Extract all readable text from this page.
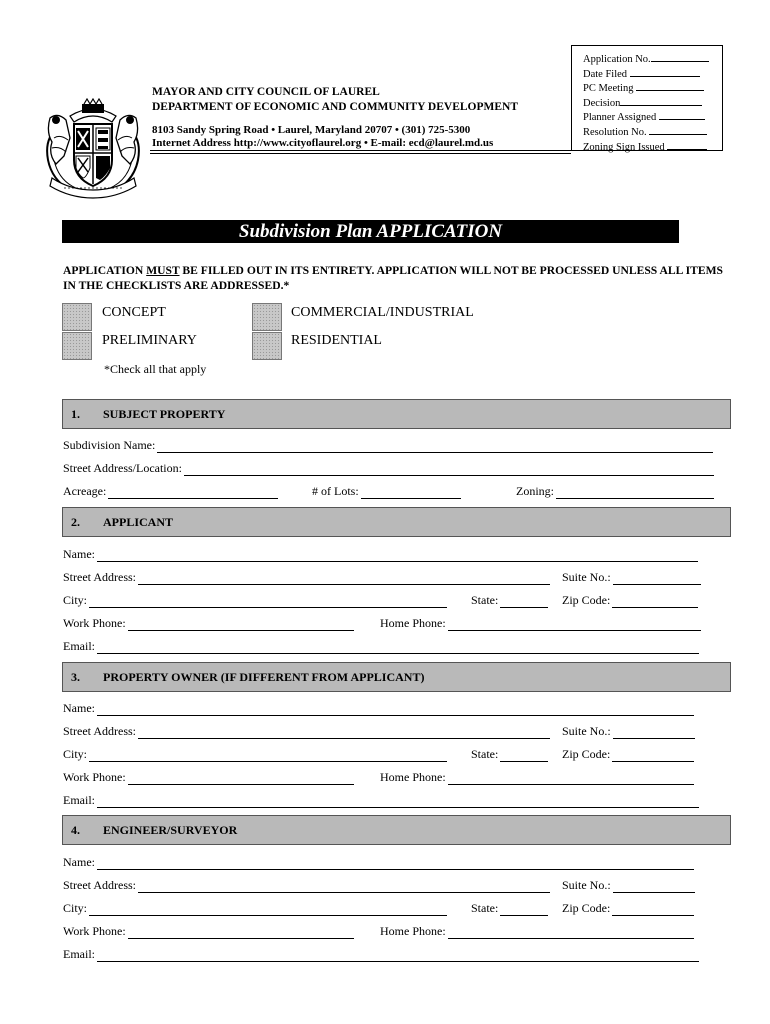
Application No.
Date Filed
PC Meeting
Decision
Planner Assigned
Resolution No.
Zoning Sign Issued
MAYOR AND CITY COUNCIL OF LAUREL
DEPARTMENT OF ECONOMIC AND COMMUNITY DEVELOPMENT
8103 Sandy Spring Road • Laurel, Maryland 20707 • (301) 725-5300
Internet Address http://www.cityoflaurel.org • E-mail: ecd@laurel.md.us
Subdivision Plan APPLICATION
APPLICATION MUST BE FILLED OUT IN ITS ENTIRETY. APPLICATION WILL NOT BE PROCESSED UNLESS ALL ITEMS IN THE CHECKLISTS ARE ADDRESSED.*
CONCEPT
PRELIMINARY
COMMERCIAL/INDUSTRIAL
RESIDENTIAL
*Check all that apply
1. SUBJECT PROPERTY
Subdivision Name:
Street Address/Location:
Acreage:	# of Lots:	Zoning:
2. APPLICANT
Name:
Street Address:	Suite No.:
City:	State:	Zip Code:
Work Phone:	Home Phone:
Email:
3. PROPERTY OWNER (IF DIFFERENT FROM APPLICANT)
Name:
Street Address:	Suite No.:
City:	State:	Zip Code:
Work Phone:	Home Phone:
Email:
4. ENGINEER/SURVEYOR
Name:
Street Address:	Suite No.:
City:	State:	Zip Code:
Work Phone:	Home Phone:
Email:
